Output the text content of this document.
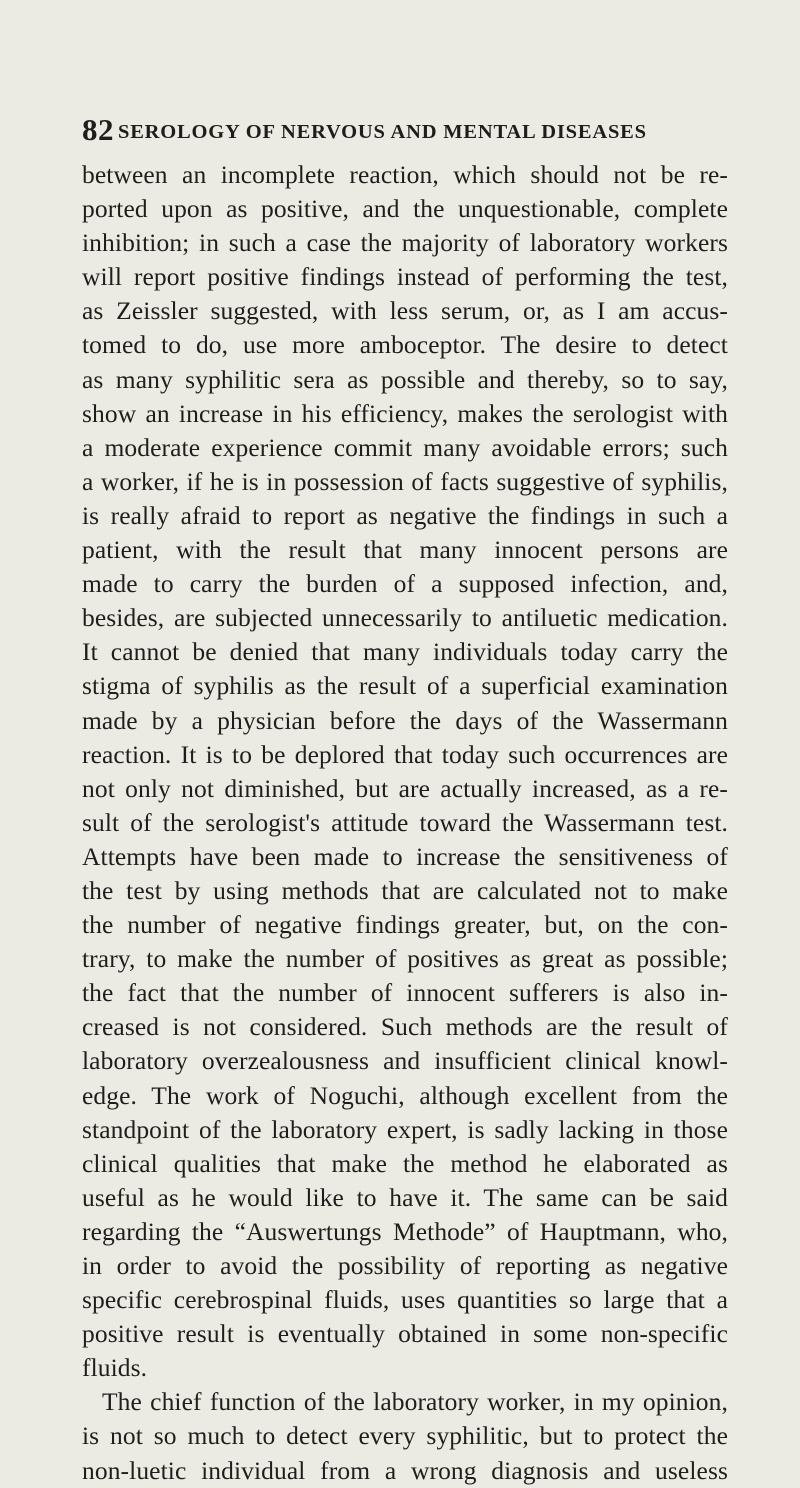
82 SEROLOGY OF NERVOUS AND MENTAL DISEASES
between an incomplete reaction, which should not be re-
ported upon as positive, and the unquestionable, complete
inhibition; in such a case the majority of laboratory workers
will report positive findings instead of performing the test,
as Zeissler suggested, with less serum, or, as I am accus-
tomed to do, use more amboceptor. The desire to detect
as many syphilitic sera as possible and thereby, so to say,
show an increase in his efficiency, makes the serologist with
a moderate experience commit many avoidable errors; such
a worker, if he is in possession of facts suggestive of syphilis,
is really afraid to report as negative the findings in such a
patient, with the result that many innocent persons are
made to carry the burden of a supposed infection, and,
besides, are subjected unnecessarily to antiluetic medication.
It cannot be denied that many individuals today carry the
stigma of syphilis as the result of a superficial examination
made by a physician before the days of the Wassermann
reaction. It is to be deplored that today such occurrences are
not only not diminished, but are actually increased, as a re-
sult of the serologist's attitude toward the Wassermann test.
Attempts have been made to increase the sensitiveness of
the test by using methods that are calculated not to make
the number of negative findings greater, but, on the con-
trary, to make the number of positives as great as possible;
the fact that the number of innocent sufferers is also in-
creased is not considered. Such methods are the result of
laboratory overzealousness and insufficient clinical knowl-
edge. The work of Noguchi, although excellent from the
standpoint of the laboratory expert, is sadly lacking in those
clinical qualities that make the method he elaborated as
useful as he would like to have it. The same can be said
regarding the “Auswertungs Methode” of Hauptmann, who,
in order to avoid the possibility of reporting as negative
specific cerebrospinal fluids, uses quantities so large that a
positive result is eventually obtained in some non-specific
fluids.
The chief function of the laboratory worker, in my opinion,
is not so much to detect every syphilitic, but to protect the
non-luetic individual from a wrong diagnosis and useless
